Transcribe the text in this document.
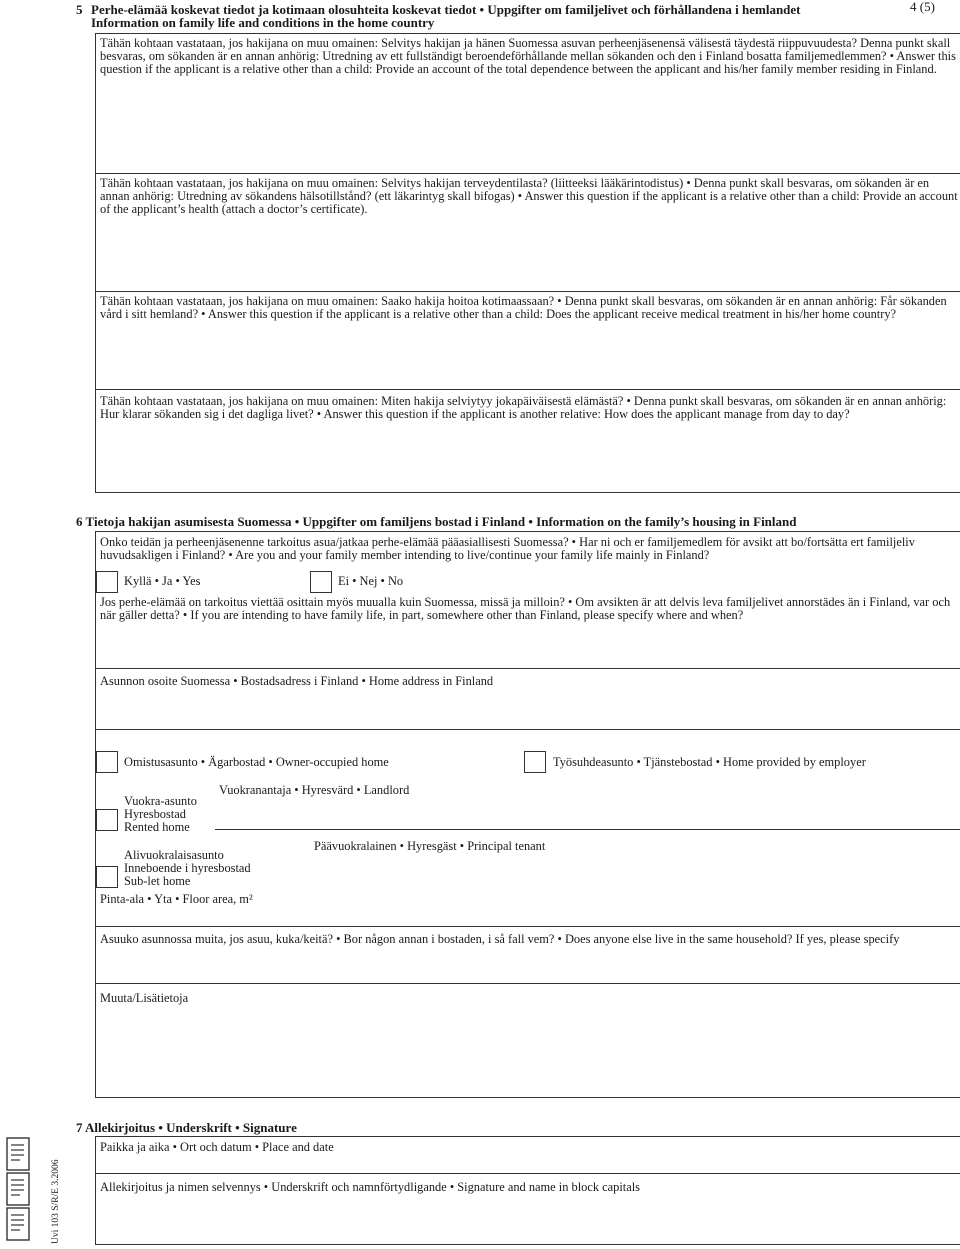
4 (5)
5 Perhe-elämää koskevat tiedot ja kotimaan olosuhteita koskevat tiedot • Uppgifter om familjelivet och förhållandena i hemlandet
Information on family life and conditions in the home country
Tähän kohtaan vastataan, jos hakijana on muu omainen: Selvitys hakijan ja hänen Suomessa asuvan perheenjäsenensä välisestä täydestä riippuvuudesta? Denna punkt skall besvaras, om sökanden är en annan anhörig: Utredning av ett fullständigt beroendeförhållande mellan sökanden och den i Finland bosatta familjemedlemmen? • Answer this question if the applicant is a relative other than a child: Provide an account of the total dependence between the applicant and his/her family member residing in Finland.
Tähän kohtaan vastataan, jos hakijana on muu omainen: Selvitys hakijan terveydentilasta? (liitteeksi lääkärintodistus) • Denna punkt skall besvaras, om sökanden är en annan anhörig: Utredning av sökandens hälsotillstånd? (ett läkarintyg skall bifogas) • Answer this question if the applicant is a relative other than a child: Provide an account of the applicant’s health (attach a doctor’s certificate).
Tähän kohtaan vastataan, jos hakijana on muu omainen: Saako hakija hoitoa kotimaassaan? • Denna punkt skall besvaras, om sökanden är en annan anhörig: Får sökanden vård i sitt hemland? • Answer this question if the applicant is a relative other than a child: Does the applicant receive medical treatment in his/her home country?
Tähän kohtaan vastataan, jos hakijana on muu omainen: Miten hakija selviytyy jokapäiväisestä elämästä? • Denna punkt skall besvaras, om sökanden är en annan anhörig: Hur klarar sökanden sig i det dagliga livet? • Answer this question if the applicant is another relative: How does the applicant manage from day to day?
6 Tietoja hakijan asumisesta Suomessa • Uppgifter om familjens bostad i Finland • Information on the family’s housing in Finland
Onko teidän ja perheenjäsenenne tarkoitus asua/jatkaa perhe-elämää pääasiallisesti Suomessa? • Har ni och er familjemedlem för avsikt att bo/fortsätta ert familjeliv huvudsakligen i Finland? • Are you and your family member intending to live/continue your family life mainly in Finland?
Kyllä • Ja • Yes	Ei • Nej • No
Jos perhe-elämää on tarkoitus viettää osittain myös muualla kuin Suomessa, missä ja milloin? • Om avsikten är att delvis leva familjelivet annorstädes än i Finland, var och när gäller detta? • If you are intending to have family life, in part, somewhere other than Finland, please specify where and when?
Asunnon osoite Suomessa • Bostadsadress i Finland • Home address in Finland
Omistusasunto • Ägarbostad • Owner-occupied home	Työsuhdeasunto • Tjänstebostad • Home provided by employer
Vuokranantaja • Hyresvärd • Landlord
Vuokra-asunto
Hyresbostad
Rented home
Päävuokralainen • Hyresgäst • Principal tenant
Alivuokralaisasunto
Inneboende i hyresbostad
Sub-let home
Pinta-ala • Yta • Floor area, m²
Asuuko asunnossa muita, jos asuu, kuka/keitä? • Bor någon annan i bostaden, i så fall vem? • Does anyone else live in the same household? If yes, please specify
Muuta/Lisätietoja
7 Allekirjoitus • Underskrift • Signature
Paikka ja aika • Ort och datum • Place and date
Allekirjoitus ja nimen selvennys • Underskrift och namnförtydligande • Signature and name in block capitals
Uvi 103 S/R/E 3.2006
